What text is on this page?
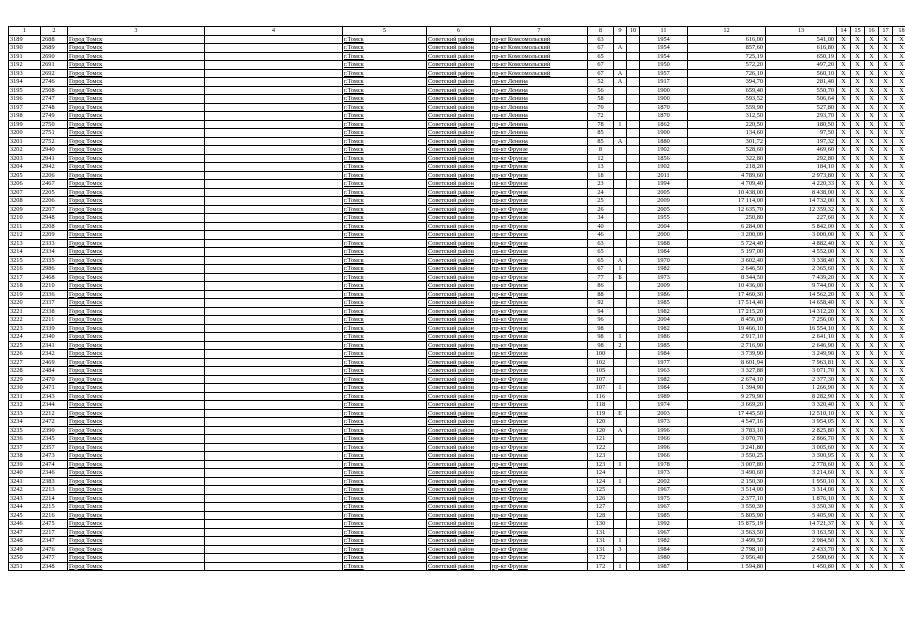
1	2	3	4	5	6	7	8	9	10	11	12	13	14	15	16	17	18
3189	2688	Город Томск		г.Томск	Советский район	пр-кт Комсомольский	63			1954	616,00	541,00	Х	Х	Х	Х	Х
3190	2689	Город Томск		г.Томск	Советский район	пр-кт Комсомольский	67	А		1954	857,60	616,80	Х	Х	Х	Х	Х
3191	2690	Город Томск		г.Томск	Советский район	пр-кт Комсомольский	65			1954	725,19	650,19	Х	Х	Х	Х	Х
3192	2691	Город Томск		г.Томск	Советский район	пр-кт Комсомольский	67			1950	572,20	497,20	Х	Х	Х	Х	Х
3193	2692	Город Томск		г.Томск	Советский район	пр-кт Комсомольский	67	А		1957	726,10	560,10	Х	Х	Х	Х	Х
3194	2746	Город Томск		г.Томск	Советский район	пр-кт Ленина	52	А		1917	394,70	281,40	Х	Х	Х	Х	Х
3195	2508	Город Томск		г.Томск	Советский район	пр-кт Ленина	56			1900	659,40	550,70	Х	Х	Х	Х	Х
3196	2747	Город Томск		г.Томск	Советский район	пр-кт Ленина	58			1900	593,52	506,64	Х	Х	Х	Х	Х
3197	2748	Город Томск		г.Томск	Советский район	пр-кт Ленина	70			1870	559,90	527,80	Х	Х	Х	Х	Х
3198	2749	Город Томск		г.Томск	Советский район	пр-кт Ленина	72			1870	312,50	293,70	Х	Х	Х	Х	Х
3199	2750	Город Томск		г.Томск	Советский район	пр-кт Ленина	78	1		1862	220,50	180,50	Х	Х	Х	Х	Х
3200	2751	Город Томск		г.Томск	Советский район	пр-кт Ленина	85			1900	134,60	97,50	Х	Х	Х	Х	Х
3201	2752	Город Томск		г.Томск	Советский район	пр-кт Ленина	85	А		1880	301,72	197,32	Х	Х	Х	Х	Х
3202	2940	Город Томск		г.Томск	Советский район	пр-кт Фрунзе	8			1902	528,60	469,60	Х	Х	Х	Х	Х
3203	2941	Город Томск		г.Томск	Советский район	пр-кт Фрунзе	12			1856	322,80	292,80	Х	Х	Х	Х	Х
3204	2942	Город Томск		г.Томск	Советский район	пр-кт Фрунзе	13			1902	218,20	184,10	Х	Х	Х	Х	Х
3205	2206	Город Томск		г.Томск	Советский район	пр-кт Фрунзе	18			2011	4 789,60	2 973,80	Х	Х	Х	Х	Х
3206	2467	Город Томск		г.Томск	Советский район	пр-кт Фрунзе	23			1994	4 709,40	4 220,33	Х	Х	Х	Х	Х
3207	2205	Город Томск		г.Томск	Советский район	пр-кт Фрунзе	24			2005	10 438,00	8 438,00	Х	Х	Х	Х	Х
3208	2206	Город Томск		г.Томск	Советский район	пр-кт Фрунзе	25			2009	17 114,00	14 732,00	Х	Х	Х	Х	Х
3209	2207	Город Томск		г.Томск	Советский район	пр-кт Фрунзе	26			2005	12 635,70	12 359,32	Х	Х	Х	Х	Х
3210	2948	Город Томск		г.Томск	Советский район	пр-кт Фрунзе	34			1955	250,80	227,60	Х	Х	Х	Х	Х
3211	2208	Город Томск		г.Томск	Советский район	пр-кт Фрунзе	40			2004	6 284,00	5 842,00	Х	Х	Х	Х	Х
3212	2209	Город Томск		г.Томск	Советский район	пр-кт Фрунзе	46			2000	3 200,00	3 000,00	Х	Х	Х	Х	Х
3213	2333	Город Томск		г.Томск	Советский район	пр-кт Фрунзе	63			1988	5 724,40	4 882,40	Х	Х	Х	Х	Х
3214	2334	Город Томск		г.Томск	Советский район	пр-кт Фрунзе	65			1984	5 197,00	4 552,00	Х	Х	Х	Х	Х
3215	2335	Город Томск		г.Томск	Советский район	пр-кт Фрунзе	65	А		1970	3 602,40	3 338,40	Х	Х	Х	Х	Х
3216	2986	Город Томск		г.Томск	Советский район	пр-кт Фрунзе	67	1		1982	2 646,50	2 365,60	Х	Х	Х	Х	Х
3217	2468	Город Томск		г.Томск	Советский район	пр-кт Фрунзе	77	Б		1973	8 344,50	7 439,20	Х	Х	Х	Х	Х
3218	2210	Город Томск		г.Томск	Советский район	пр-кт Фрунзе	86			2009	10 436,00	9 744,00	Х	Х	Х	Х	Х
3219	2336	Город Томск		г.Томск	Советский район	пр-кт Фрунзе	88			1986	17 460,30	14 562,20	Х	Х	Х	Х	Х
3220	2337	Город Томск		г.Томск	Советский район	пр-кт Фрунзе	92			1985	17 514,40	14 658,40	Х	Х	Х	Х	Х
3221	2338	Город Томск		г.Томск	Советский район	пр-кт Фрунзе	94			1982	17 215,20	14 312,20	Х	Х	Х	Х	Х
3222	2211	Город Томск		г.Томск	Советский район	пр-кт Фрунзе	96			2004	8 456,00	7 256,00	Х	Х	Х	Х	Х
3223	2339	Город Томск		г.Томск	Советский район	пр-кт Фрунзе	98			1982	19 466,10	16 554,10	Х	Х	Х	Х	Х
3224	2340	Город Томск		г.Томск	Советский район	пр-кт Фрунзе	98	1		1986	2 917,10	2 641,10	Х	Х	Х	Х	Х
3225	2341	Город Томск		г.Томск	Советский район	пр-кт Фрунзе	98	2		1985	2 716,90	2 646,90	Х	Х	Х	Х	Х
3226	2342	Город Томск		г.Томск	Советский район	пр-кт Фрунзе	100			1984	3 739,90	3 249,90	Х	Х	Х	Х	Х
3227	2469	Город Томск		г.Томск	Советский район	пр-кт Фрунзе	102			1977	8 601,94	7 963,81	Х	Х	Х	Х	Х
3228	2484	Город Томск		г.Томск	Советский район	пр-кт Фрунзе	105			1963	3 327,88	3 071,70	Х	Х	Х	Х	Х
3229	2470	Город Томск		г.Томск	Советский район	пр-кт Фрунзе	107			1982	2 674,10	2 377,30	Х	Х	Х	Х	Х
3230	2471	Город Томск		г.Томск	Советский район	пр-кт Фрунзе	107	1		1984	1 394,90	1 266,90	Х	Х	Х	Х	Х
3231	2343	Город Томск		г.Томск	Советский район	пр-кт Фрунзе	116			1989	9 279,90	8 282,90	Х	Х	Х	Х	Х
3232	2344	Город Томск		г.Томск	Советский район	пр-кт Фрунзе	118			1974	3 669,20	3 320,40	Х	Х	Х	Х	Х
3233	2212	Город Томск		г.Томск	Советский район	пр-кт Фрунзе	119	Е		2003	17 445,50	12 510,10	Х	Х	Х	Х	Х
3234	2472	Город Томск		г.Томск	Советский район	пр-кт Фрунзе	120			1973	4 547,16	3 954,05	Х	Х	Х	Х	Х
3235	2390	Город Томск		г.Томск	Советский район	пр-кт Фрунзе	120	А		1996	3 783,10	2 825,80	Х	Х	Х	Х	Х
3236	2345	Город Томск		г.Томск	Советский район	пр-кт Фрунзе	121			1966	3 070,70	2 866,70	Х	Х	Х	Х	Х
3237	2357	Город Томск		г.Томск	Советский район	пр-кт Фрунзе	122			1996	3 241,80	3 005,60	Х	Х	Х	Х	Х
3238	2473	Город Томск		г.Томск	Советский район	пр-кт Фрунзе	123			1966	3 550,25	3 300,95	Х	Х	Х	Х	Х
3239	2474	Город Томск		г.Томск	Советский район	пр-кт Фрунзе	123	1		1978	3 007,80	2 778,60	Х	Х	Х	Х	Х
3240	2346	Город Томск		г.Томск	Советский район	пр-кт Фрунзе	124			1973	3 490,60	3 214,60	Х	Х	Х	Х	Х
3241	2383	Город Томск		г.Томск	Советский район	пр-кт Фрунзе	124	1		2002	2 150,30	1 950,10	Х	Х	Х	Х	Х
3242	2213	Город Томск		г.Томск	Советский район	пр-кт Фрунзе	125			1967	3 514,00	3 314,00	Х	Х	Х	Х	Х
3243	2214	Город Томск		г.Томск	Советский район	пр-кт Фрунзе	126			1975	2 377,10	1 876,10	Х	Х	Х	Х	Х
3244	2215	Город Томск		г.Томск	Советский район	пр-кт Фрунзе	127			1967	3 550,30	3 350,30	Х	Х	Х	Х	Х
3245	2216	Город Томск		г.Томск	Советский район	пр-кт Фрунзе	128			1985	5 805,90	5 405,90	Х	Х	Х	Х	Х
3246	2475	Город Томск		г.Томск	Советский район	пр-кт Фрунзе	130			1992	15 875,19	14 721,37	Х	Х	Х	Х	Х
3247	2217	Город Томск		г.Томск	Советский район	пр-кт Фрунзе	131			1967	3 563,50	3 163,50	Х	Х	Х	Х	Х
3248	2347	Город Томск		г.Томск	Советский район	пр-кт Фрунзе	131	1		1982	3 499,50	2 984,50	Х	Х	Х	Х	Х
3249	2476	Город Томск		г.Томск	Советский район	пр-кт Фрунзе	131	3		1984	2 798,10	2 433,70	Х	Х	Х	Х	Х
3250	2477	Город Томск		г.Томск	Советский район	пр-кт Фрунзе	172			1980	2 956,40	2 590,60	Х	Х	Х	Х	Х
3251	2348	Город Томск		г.Томск	Советский район	пр-кт Фрунзе	172	1		1987	1 594,80	1 450,80	Х	Х	Х	Х	Х
